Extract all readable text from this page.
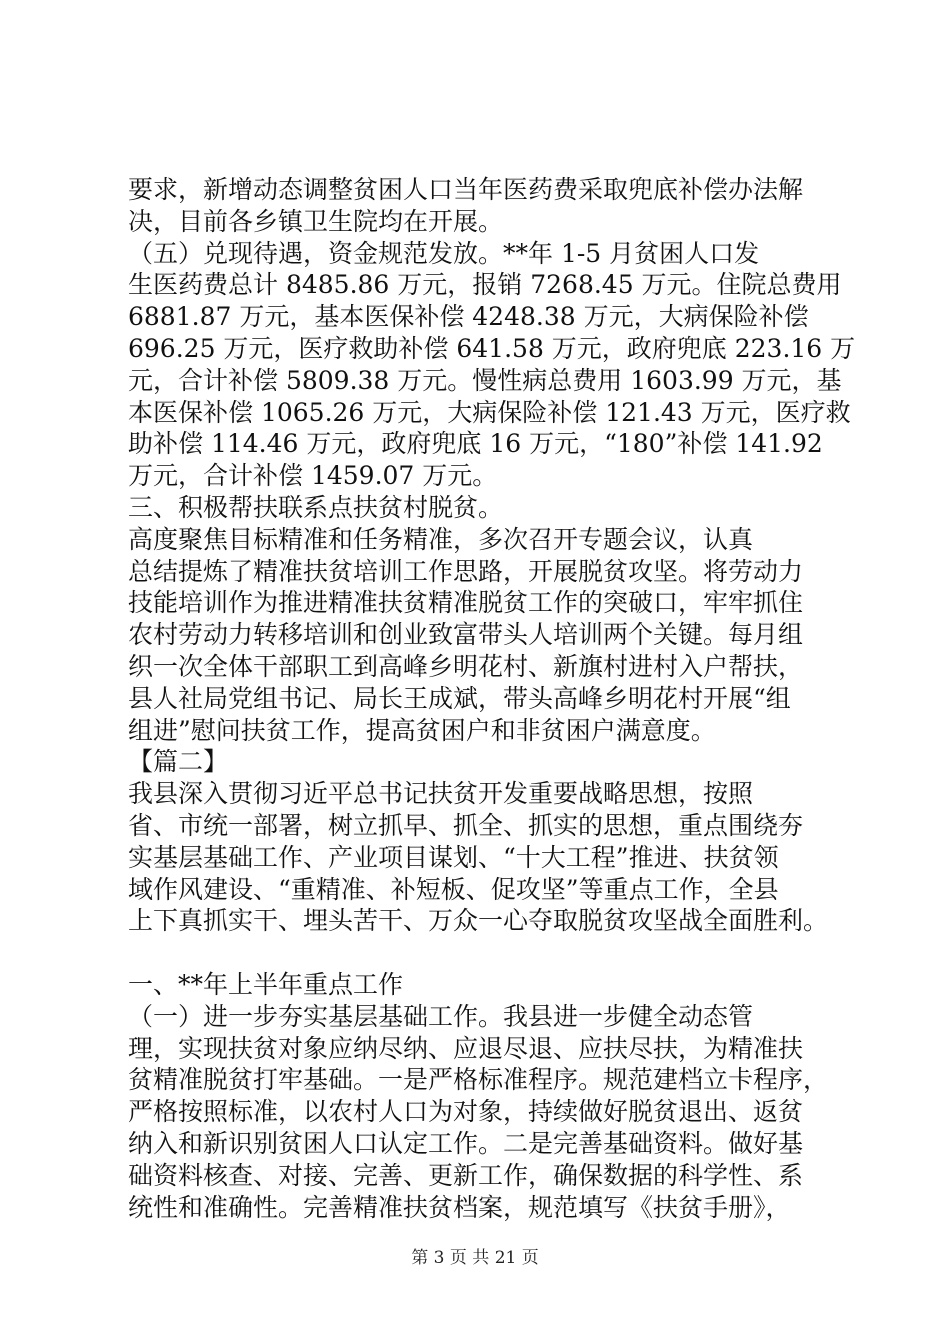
要求，新增动态调整贫困人口当年医药费采取兜底补偿办法解
决，目前各乡镇卫生院均在开展。
（五）兑现待遇，资金规范发放。**年 1-5 月贫困人口发
生医药费总计 8485.86 万元，报销 7268.45 万元。住院总费用
6881.87 万元，基本医保补偿 4248.38 万元，大病保险补偿
696.25 万元，医疗救助补偿 641.58 万元，政府兜底 223.16 万
元，合计补偿 5809.38 万元。慢性病总费用 1603.99 万元，基
本医保补偿 1065.26 万元，大病保险补偿 121.43 万元，医疗救
助补偿 114.46 万元，政府兜底 16 万元，“180”补偿 141.92
万元，合计补偿 1459.07 万元。
三、积极帮扶联系点扶贫村脱贫。
高度聚焦目标精准和任务精准，多次召开专题会议，认真
总结提炼了精准扶贫培训工作思路，开展脱贫攻坚。将劳动力
技能培训作为推进精准扶贫精准脱贫工作的突破口，牢牢抓住
农村劳动力转移培训和创业致富带头人培训两个关键。每月组
织一次全体干部职工到高峰乡明花村、新旗村进村入户帮扶，
县人社局党组书记、局长王成斌，带头高峰乡明花村开展“组
组进”慰问扶贫工作，提高贫困户和非贫困户满意度。
【篇二】
我县深入贯彻习近平总书记扶贫开发重要战略思想，按照
省、市统一部署，树立抓早、抓全、抓实的思想，重点围绕夯
实基层基础工作、产业项目谋划、“十大工程”推进、扶贫领
域作风建设、“重精准、补短板、促攻坚”等重点工作，全县
上下真抓实干、埋头苦干、万众一心夺取脱贫攻坚战全面胜利。
一、**年上半年重点工作
（一）进一步夯实基层基础工作。我县进一步健全动态管
理，实现扶贫对象应纳尽纳、应退尽退、应扶尽扶，为精准扶
贫精准脱贫打牢基础。一是严格标准程序。规范建档立卡程序，
严格按照标准，以农村人口为对象，持续做好脱贫退出、返贫
纳入和新识别贫困人口认定工作。二是完善基础资料。做好基
础资料核查、对接、完善、更新工作，确保数据的科学性、系
统性和准确性。完善精准扶贫档案，规范填写《扶贫手册》，
第 3 页 共 21 页
